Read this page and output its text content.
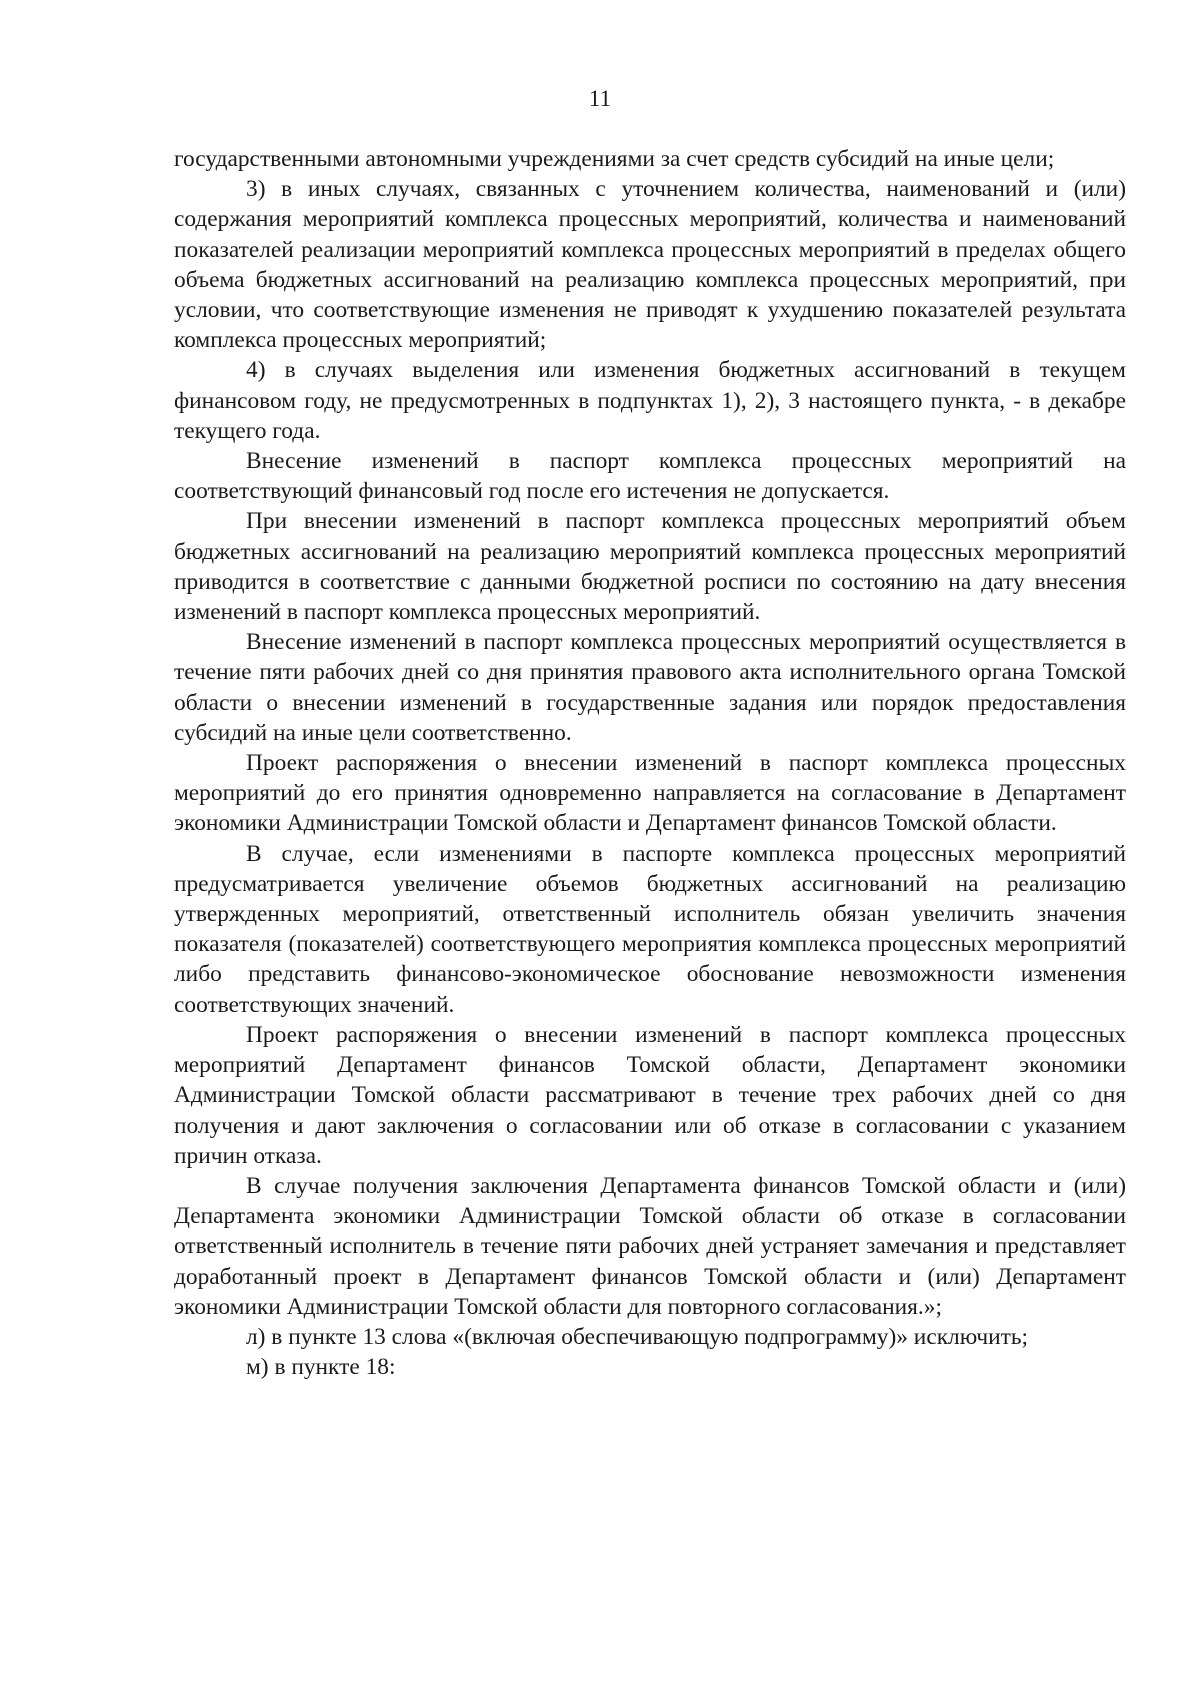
11

государственными автономными учреждениями за счет средств субсидий на иные цели;

3) в иных случаях, связанных с уточнением количества, наименований и (или) содержания мероприятий комплекса процессных мероприятий, количества и наименований показателей реализации мероприятий комплекса процессных мероприятий в пределах общего объема бюджетных ассигнований на реализацию комплекса процессных мероприятий, при условии, что соответствующие изменения не приводят к ухудшению показателей результата комплекса процессных мероприятий;

4) в случаях выделения или изменения бюджетных ассигнований в текущем финансовом году, не предусмотренных в подпунктах 1), 2), 3 настоящего пункта, - в декабре текущего года.

Внесение изменений в паспорт комплекса процессных мероприятий на соответствующий финансовый год после его истечения не допускается.

При внесении изменений в паспорт комплекса процессных мероприятий объем бюджетных ассигнований на реализацию мероприятий комплекса процессных мероприятий приводится в соответствие с данными бюджетной росписи по состоянию на дату внесения изменений в паспорт комплекса процессных мероприятий.

Внесение изменений в паспорт комплекса процессных мероприятий осуществляется в течение пяти рабочих дней со дня принятия правового акта исполнительного органа Томской области о внесении изменений в государственные задания или порядок предоставления субсидий на иные цели соответственно.

Проект распоряжения о внесении изменений в паспорт комплекса процессных мероприятий до его принятия одновременно направляется на согласование в Департамент экономики Администрации Томской области и Департамент финансов Томской области.

В случае, если изменениями в паспорте комплекса процессных мероприятий предусматривается увеличение объемов бюджетных ассигнований на реализацию утвержденных мероприятий, ответственный исполнитель обязан увеличить значения показателя (показателей) соответствующего мероприятия комплекса процессных мероприятий либо представить финансово-экономическое обоснование невозможности изменения соответствующих значений.

Проект распоряжения о внесении изменений в паспорт комплекса процессных мероприятий Департамент финансов Томской области, Департамент экономики Администрации Томской области рассматривают в течение трех рабочих дней со дня получения и дают заключения о согласовании или об отказе в согласовании с указанием причин отказа.

В случае получения заключения Департамента финансов Томской области и (или) Департамента экономики Администрации Томской области об отказе в согласовании ответственный исполнитель в течение пяти рабочих дней устраняет замечания и представляет доработанный проект в Департамент финансов Томской области и (или) Департамент экономики Администрации Томской области для повторного согласования.»;

л) в пункте 13 слова «(включая обеспечивающую подпрограмму)» исключить;

м) в пункте 18:
